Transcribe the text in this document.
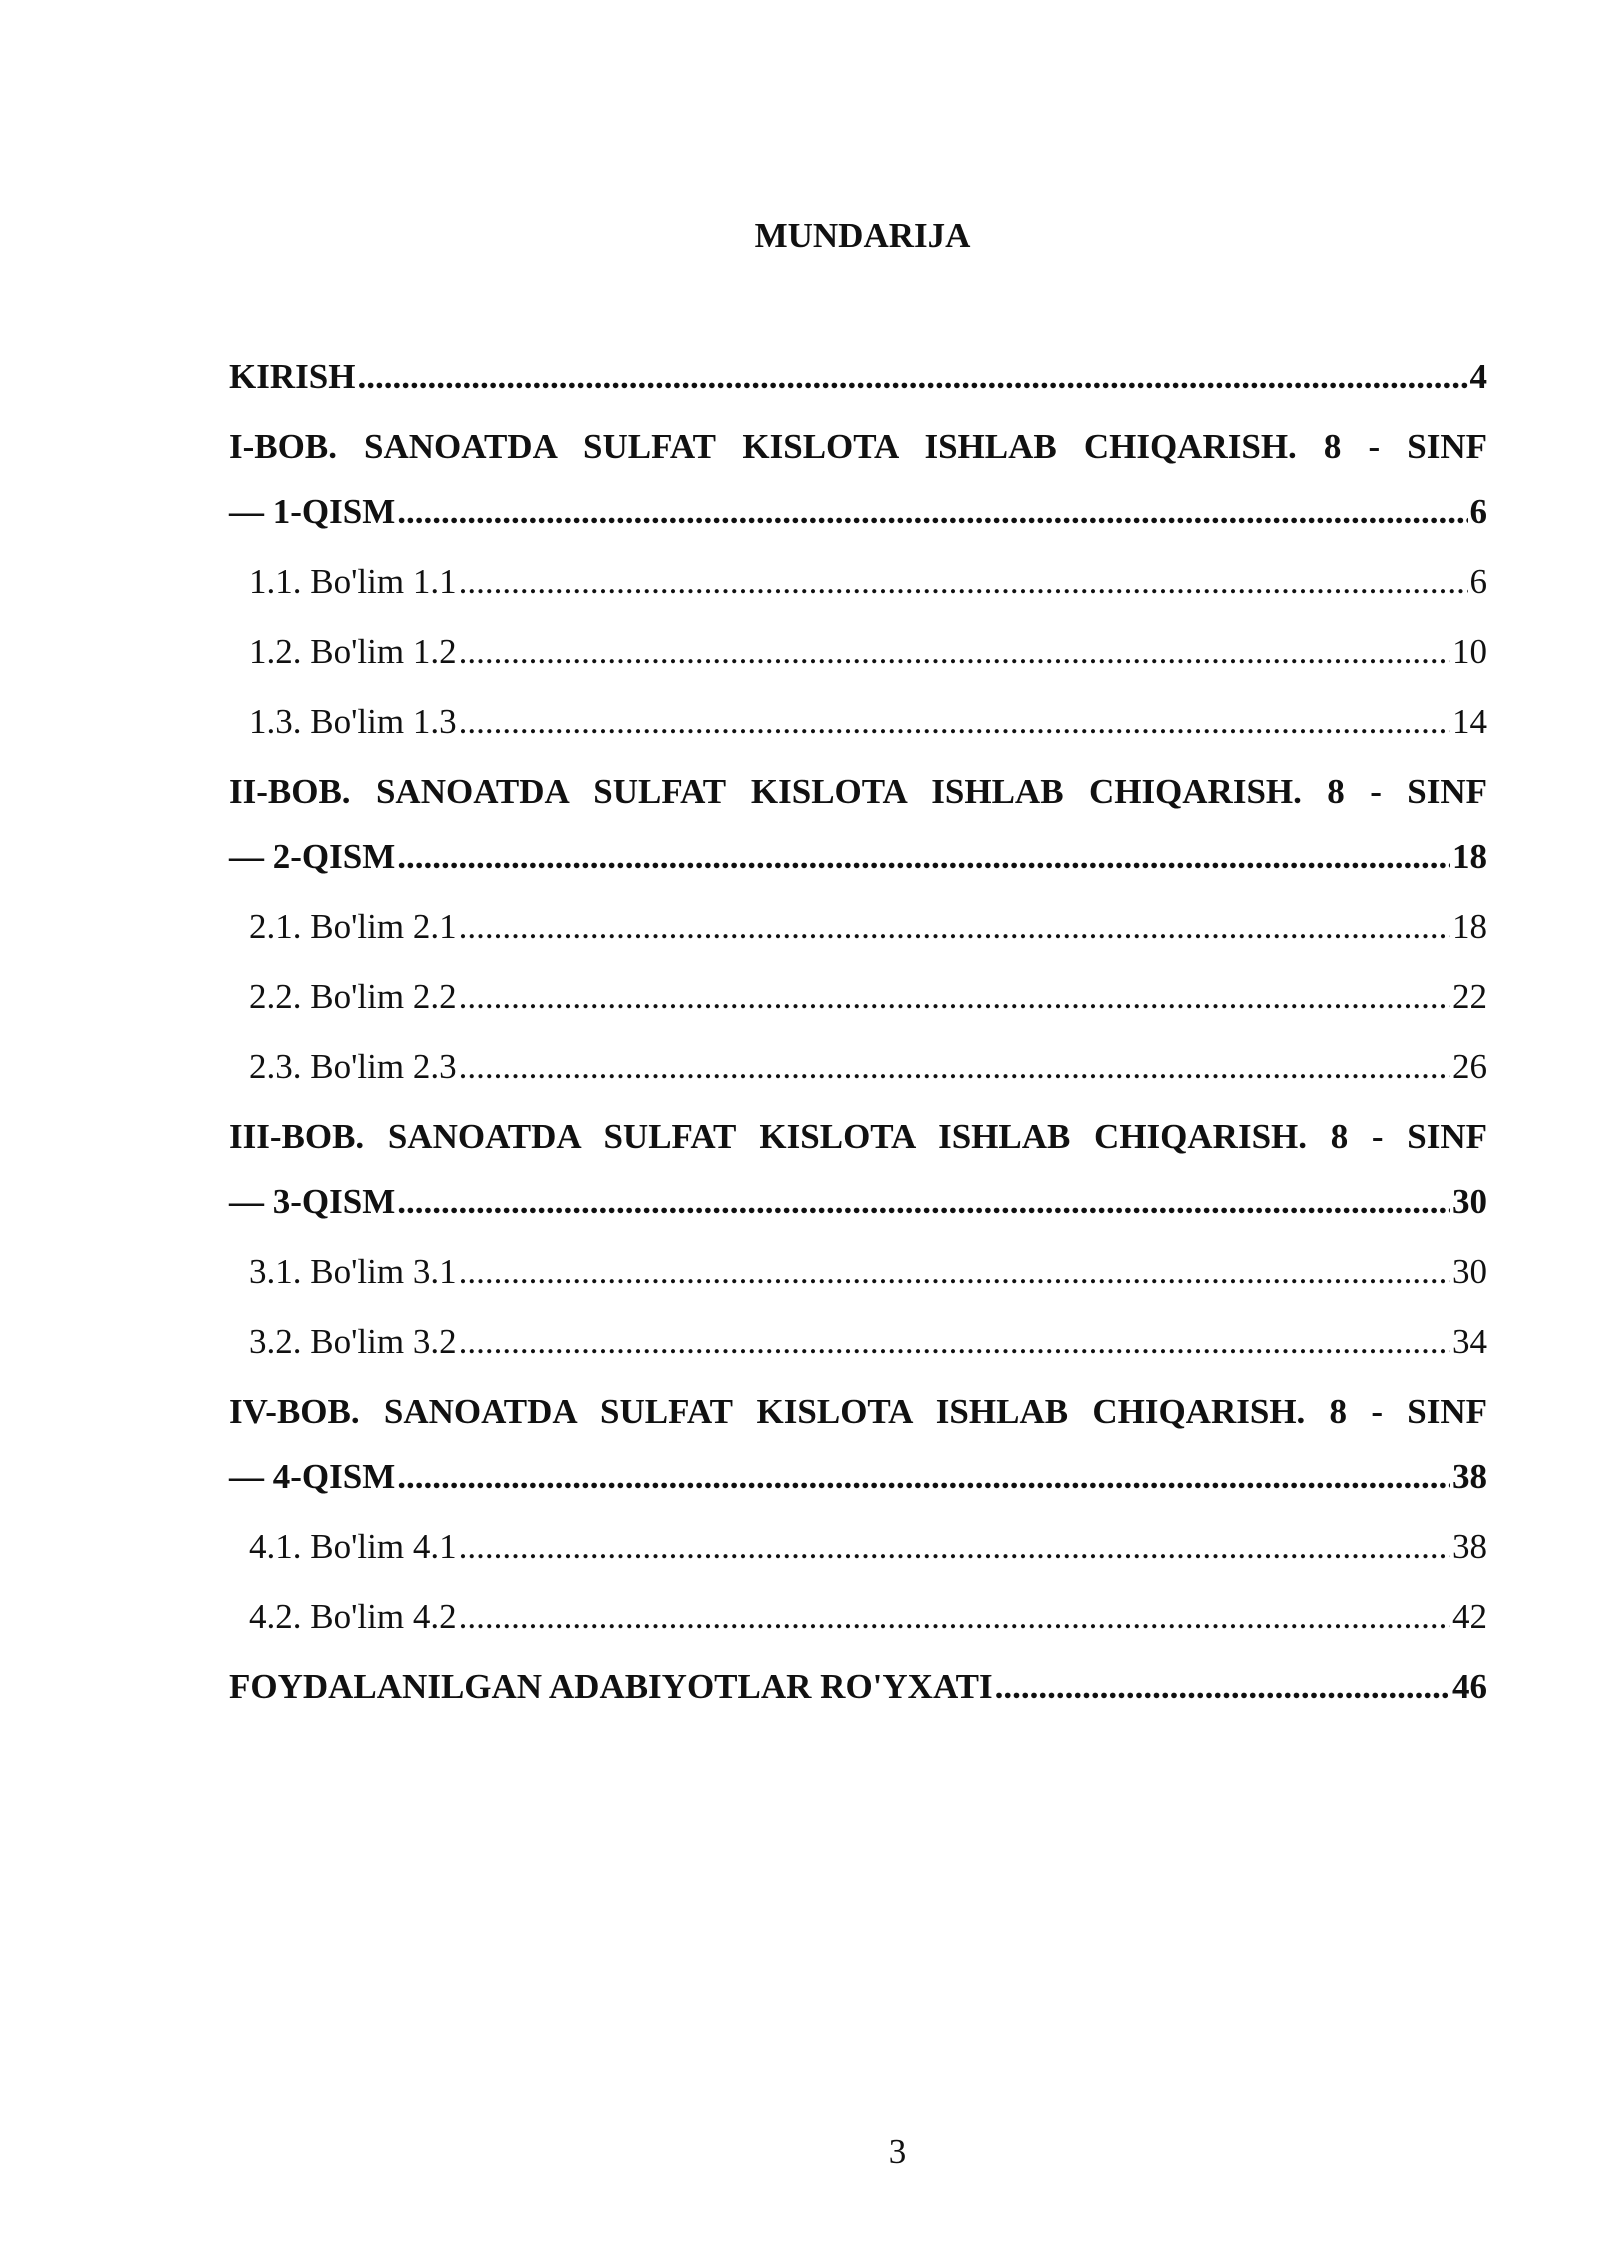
MUNDARIJA
KIRISH .....	4
I-BOB. SANOATDA SULFAT KISLOTA ISHLAB CHIQARISH. 8 - SINF
— 1-QISM .....	6
1.1. Bo'lim 1.1 .....	6
1.2. Bo'lim 1.2 .....	10
1.3. Bo'lim 1.3 .....	14
II-BOB. SANOATDA SULFAT KISLOTA ISHLAB CHIQARISH. 8 - SINF
— 2-QISM .....	18
2.1. Bo'lim 2.1 .....	18
2.2. Bo'lim 2.2 .....	22
2.3. Bo'lim 2.3 .....	26
III-BOB. SANOATDA SULFAT KISLOTA ISHLAB CHIQARISH. 8 - SINF
— 3-QISM .....	30
3.1. Bo'lim 3.1 .....	30
3.2. Bo'lim 3.2 .....	34
IV-BOB. SANOATDA SULFAT KISLOTA ISHLAB CHIQARISH. 8 - SINF
— 4-QISM .....	38
4.1. Bo'lim 4.1 .....	38
4.2. Bo'lim 4.2 .....	42
FOYDALANILGAN ADABIYOTLAR RO'YXATI .....	46
3
